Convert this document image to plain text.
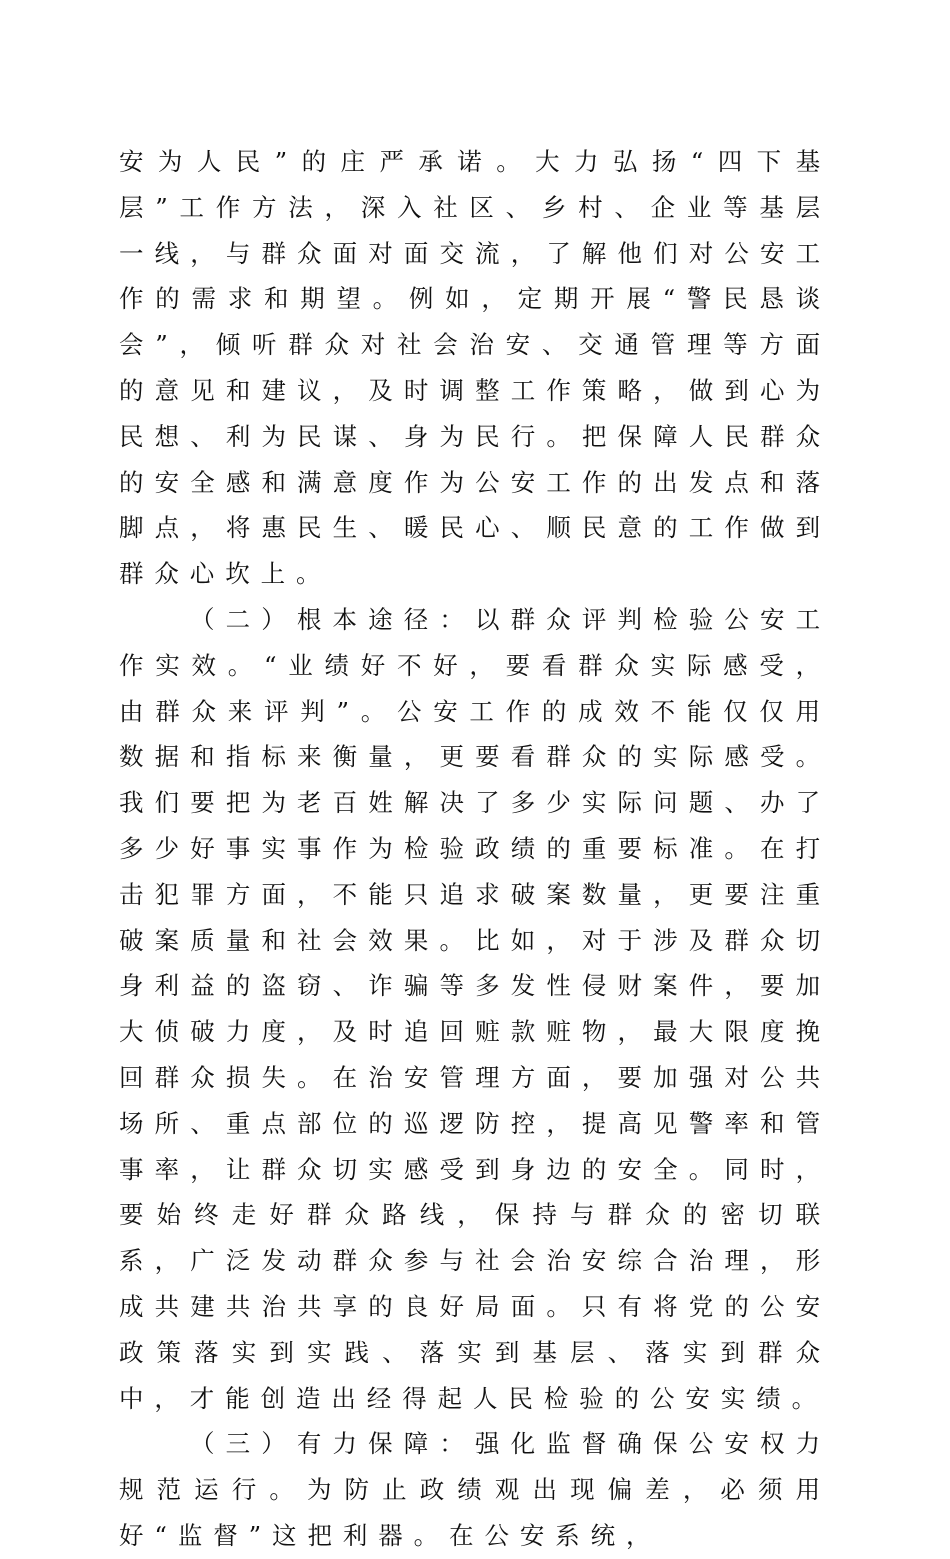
安为人民”的庄严承诺。大力弘扬“四下基层”工作方法，深入社区、乡村、企业等基层一线，与群众面对面交流，了解他们对公安工作的需求和期望。例如，定期开展“警民恳谈会”，倾听群众对社会治安、交通管理等方面的意见和建议，及时调整工作策略，做到心为民想、利为民谋、身为民行。把保障人民群众的安全感和满意度作为公安工作的出发点和落脚点，将惠民生、暖民心、顺民意的工作做到群众心坎上。

（二）根本途径：以群众评判检验公安工作实效。“业绩好不好，要看群众实际感受，由群众来评判”。公安工作的成效不能仅仅用数据和指标来衡量，更要看群众的实际感受。我们要把为老百姓解决了多少实际问题、办了多少好事实事作为检验政绩的重要标准。在打击犯罪方面，不能只追求破案数量，更要注重破案质量和社会效果。比如，对于涉及群众切身利益的盗窃、诈骗等多发性侵财案件，要加大侦破力度，及时追回赃款赃物，最大限度挽回群众损失。在治安管理方面，要加强对公共场所、重点部位的巡逻防控，提高见警率和管事率，让群众切实感受到身边的安全。同时，要始终走好群众路线，保持与群众的密切联系，广泛发动群众参与社会治安综合治理，形成共建共治共享的良好局面。只有将党的公安政策落实到实践、落实到基层、落实到群众中，才能创造出经得起人民检验的公安实绩。

（三）有力保障：强化监督确保公安权力规范运行。为防止政绩观出现偏差，必须用好“监督”这把利器。在公安系统，
